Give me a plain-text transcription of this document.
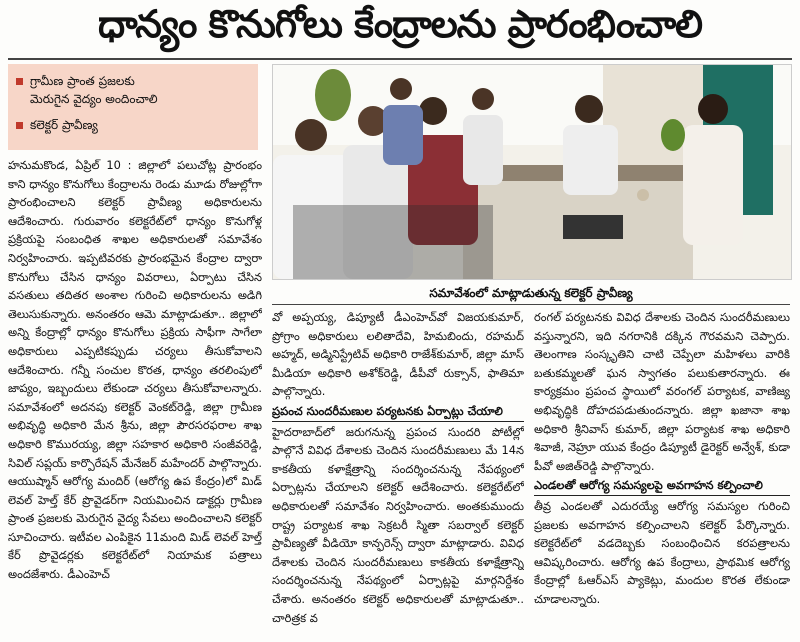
ధాన్యం కొనుగోలు కేంద్రాలను ప్రారంభించాలి
గ్రామీణ ప్రాంత ప్రజలకు
మెరుగైన వైద్యం అందించాలి
కలెక్టర్ ప్రావీణ్య

హనుమకొండ, ఏప్రిల్ 10 : జిల్లాలో పలుచోట్ల ప్రారంభం కాని ధాన్యం కొనుగోలు కేంద్రాలను రెండు మూడు రోజుల్లోగా ప్రారంభించాలని కలెక్టర్ ప్రావీణ్య అధికారులను ఆదేశించారు. గురువారం కలెక్టరేట్‌లో ధాన్యం కొనుగోళ్ల ప్రక్రియపై సంబంధిత శాఖల అధికారులతో సమావేశం నిర్వహించారు. ఇప్పటివరకు ప్రారంభమైన కేంద్రాల ద్వారా కొనుగోలు చేసిన ధాన్యం వివరాలు, ఏర్పాటు చేసిన వసతులు తదితర అంశాల గురించి అధికారులను అడిగి తెలుసుకున్నారు. అనంతరం ఆమె మాట్లాడుతూ.. జిల్లాలో అన్ని కేంద్రాల్లో ధాన్యం కొనుగోలు ప్రక్రియ సాఫీగా సాగేలా అధికారులు ఎప్పటికప్పుడు చర్యలు తీసుకోవాలని ఆదేశించారు. గన్నీ సంచుల కొరత, ధాన్యం తరలింపులో జాప్యం, ఇబ్బందులు లేకుండా చర్యలు తీసుకోవాలన్నారు. సమావేశంలో అదనపు కలెక్టర్ వెంకట్‌రెడ్డి, జిల్లా గ్రామీణ అభివృద్ధి అధికారి మేన శ్రీను, జిల్లా పౌరసరఫరాల శాఖ అధికారి కొమురయ్య, జిల్లా సహకార అధికారి సంజీవరెడ్డి, సివిల్ సప్లయ్ కార్పొరేషన్ మేనేజర్ మహేందర్ పాల్గొన్నారు. ఆయుష్మాన్ ఆరోగ్య మందిర్ (ఆరోగ్య ఉప కేంద్రం)లో మిడ్ లెవల్ హెల్త్ కేర్ ప్రొవైడర్‌గా నియమించిన డాక్టర్లు గ్రామీణ ప్రాంత ప్రజలకు మెరుగైన వైద్య సేవలు అందించాలని కలెక్టర్ సూచించారు. ఇటీవల ఎంపికైన 11మంది మిడ్ లెవల్ హెల్త్ కేర్ ప్రొవైడర్లకు కలెక్టరేట్‌లో నియామక పత్రాలు అందజేశారు. డీఎంహెచ్

సమావేశంలో మాట్లాడుతున్న కలెక్టర్ ప్రావీణ్య

వో అప్పయ్య, డిప్యూటీ డీఎంహెచ్‌వో విజయకుమార్, ప్రోగ్రాం అధికారులు లలితాదేవి, హిమబిందు, రహమద్ అహ్మద్, అడ్మినిస్ట్రేటివ్ అధికారి రాజేశ్‌కుమార్, జిల్లా మాస్ మీడియా అధికారి అశోక్‌రెడ్డి, డీపీవో రుక్సాన్, ఫాతిమా పాల్గొన్నారు.

ప్రపంచ సుందరీమణుల పర్యటనకు ఏర్పాట్లు చేయాలి

హైదరాబాద్‌లో జరుగనున్న ప్రపంచ సుందరి పోటీల్లో పాల్గొనే వివిధ దేశాలకు చెందిన సుందరీమణులు మే 14న కాకతీయ కళాక్షేత్రాన్ని సందర్శించనున్న నేపథ్యంలో ఏర్పాట్లను చేయాలని కలెక్టర్ ఆదేశించారు. కలెక్టరేట్‌లో అధికారులతో సమావేశం నిర్వహించారు. అంతకుముందు రాష్ట్ర పర్యాటక శాఖ సెక్రటరీ స్మితా సబర్వాల్ కలెక్టర్ ప్రావీణ్యతో వీడియో కాన్ఫరెన్స్ ద్వారా మాట్లాడారు. వివిధ దేశాలకు చెందిన సుందరీమణులు కాకతీయ కళాక్షేత్రాన్ని సందర్శించనున్న నేపథ్యంలో ఏర్పాట్లపై మార్గనిర్దేశం చేశారు. అనంతరం కలెక్టర్ అధికారులతో మాట్లాడుతూ.. చారిత్రక వ

రంగల్ పర్యటనకు వివిధ దేశాలకు చెందిన సుందరీమణులు వస్తున్నారని, ఇది నగరానికి దక్కిన గౌరవమని చెప్పారు. తెలంగాణ సంస్కృతిని చాటి చెప్పేలా మహిళలు వారికి బతుకమ్మలతో ఘన స్వాగతం పలుకుతారన్నారు. ఈ కార్యక్రమం ప్రపంచ స్థాయిలో వరంగల్ పర్యాటక, వాణిజ్య అభివృద్ధికి దోహదపడుతుందన్నారు. జిల్లా ఖజానా శాఖ అధికారి శ్రీనివాస్ కుమార్, జిల్లా పర్యాటక శాఖ అధికారి శివాజీ, నెహ్రూ యువ కేంద్రం డిప్యూటీ డైరెక్టర్ అన్వేశ్, కుడా పీవో అజిత్‌రెడ్డి పాల్గొన్నారు.

ఎండలతో ఆరోగ్య సమస్యలపై అవగాహన కల్పించాలి

తీవ్ర ఎండలతో ఎదురయ్యే ఆరోగ్య సమస్యల గురించి ప్రజలకు అవగాహన కల్పించాలని కలెక్టర్ పేర్కొన్నారు. కలెక్టరేట్‌లో వడదెబ్బకు సంబంధించిన కరపత్రాలను ఆవిష్కరించారు. ఆరోగ్య ఉప కేంద్రాలు, ప్రాథమిక ఆరోగ్య కేంద్రాల్లో ఓఆర్ఎస్ ప్యాకెట్లు, మందుల కొరత లేకుండా చూడాలన్నారు.
